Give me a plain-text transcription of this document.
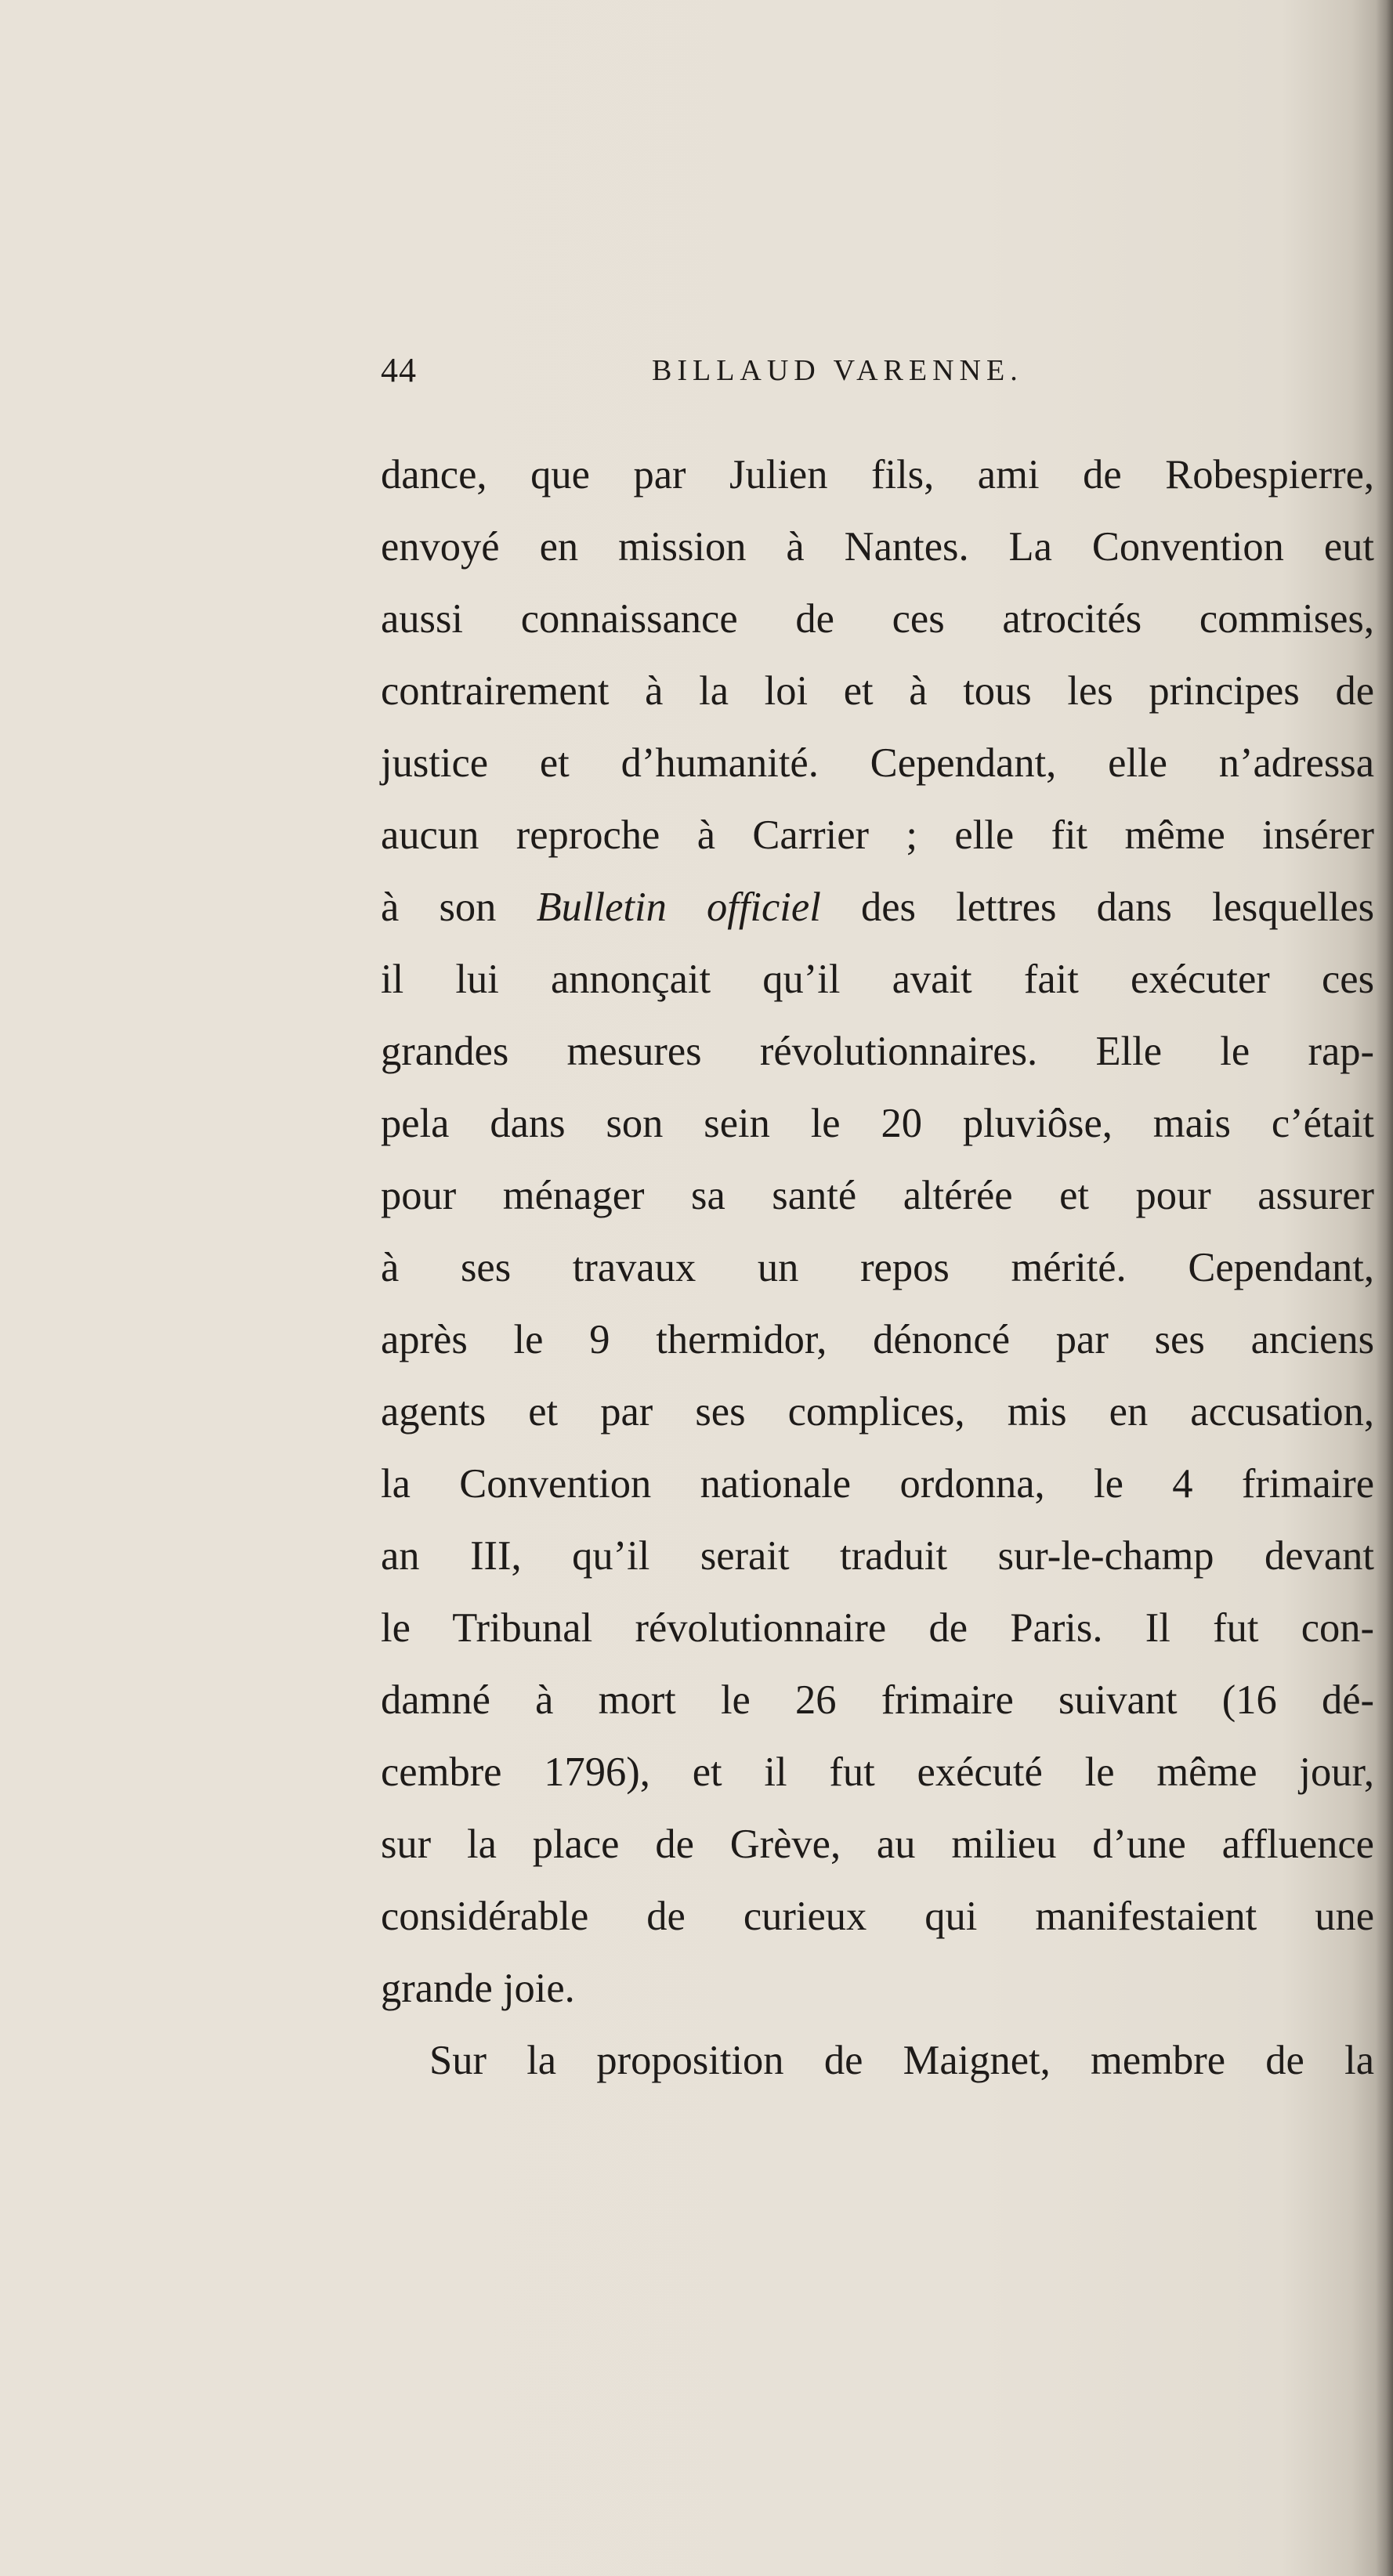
44	BILLAUD VARENNE.
dance, que par Julien fils, ami de Robespierre,
envoyé en mission à Nantes. La Convention eut
aussi connaissance de ces atrocités commises,
contrairement à la loi et à tous les principes de
justice et d’humanité. Cependant, elle n’adressa
aucun reproche à Carrier ; elle fit même insérer
à son Bulletin officiel des lettres dans lesquelles
il lui annonçait qu’il avait fait exécuter ces
grandes mesures révolutionnaires. Elle le rap-
pela dans son sein le 20 pluviôse, mais c’était
pour ménager sa santé altérée et pour assurer
à ses travaux un repos mérité. Cependant,
après le 9 thermidor, dénoncé par ses anciens
agents et par ses complices, mis en accusation,
la Convention nationale ordonna, le 4 frimaire
an III, qu’il serait traduit sur-le-champ devant
le Tribunal révolutionnaire de Paris. Il fut con-
damné à mort le 26 frimaire suivant (16 dé-
cembre 1796), et il fut exécuté le même jour,
sur la place de Grève, au milieu d’une affluence
considérable de curieux qui manifestaient une
grande joie.
Sur la proposition de Maignet, membre de la
